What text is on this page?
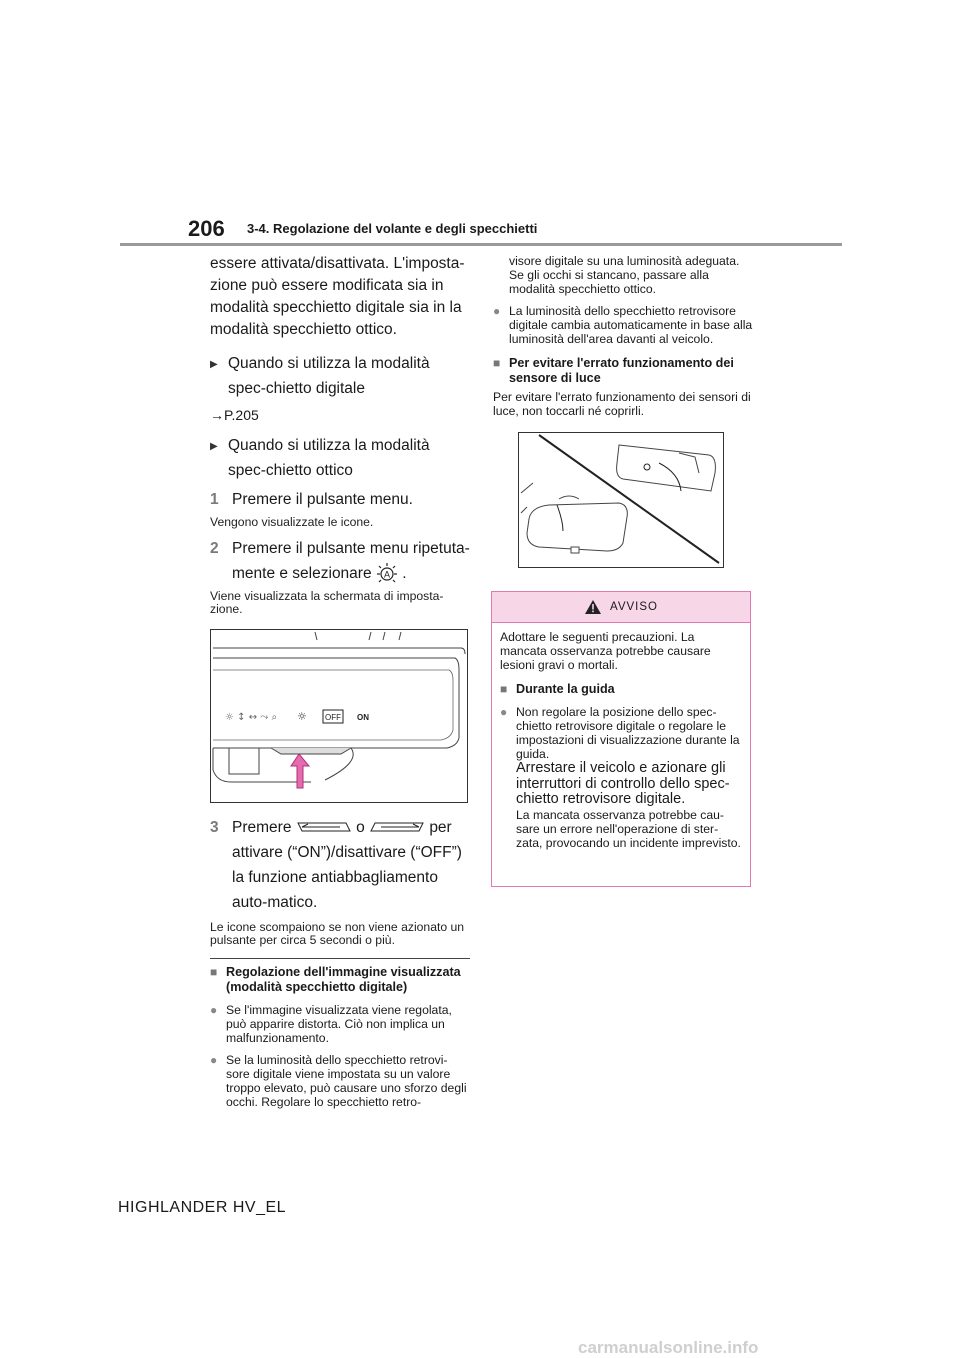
206 3-4. Regolazione del volante e degli specchietti

essere attivata/disattivata. L'imposta-zione può essere modificata sia in modalità specchietto digitale sia in la modalità specchietto ottico.

▶ Quando si utilizza la modalità spec-chietto digitale

→P.205

▶ Quando si utilizza la modalità spec-chietto ottico
1 Premere il pulsante menu.

Vengono visualizzate le icone.

2 Premere il pulsante menu ripetuta-mente e selezionare A .

Viene visualizzata la schermata di imposta-zione.

☼ ↕ ↔ ⤳ ⌕ ☼ OFF ON
3 Premere	o	per attivare (“ON”)/disattivare (“OFF”) la funzione antiabbagliamento auto-matico.

Le icone scompaiono se non viene azionato un pulsante per circa 5 secondi o più.

■ Regolazione dell'immagine visualizzata (modalità specchietto digitale)
● Se l'immagine visualizzata viene regolata, può apparire distorta. Ciò non implica un malfunzionamento.
● Se la luminosità dello specchietto retrovi-sore digitale viene impostata su un valore troppo elevato, può causare uno sforzo degli occhi. Regolare lo specchietto retro-

visore digitale su una luminosità adeguata. Se gli occhi si stancano, passare alla modalità specchietto ottico.

● La luminosità dello specchietto retrovisore digitale cambia automaticamente in base alla luminosità dell'area davanti al veicolo.
■ Per evitare l'errato funzionamento dei sensore di luce

Per evitare l'errato funzionamento dei sensori di luce, non toccarli né coprirli.

AVVISO

Adottare le seguenti precauzioni. La mancata osservanza potrebbe causare lesioni gravi o mortali.

■ Durante la guida
● Non regolare la posizione dello spec-chietto retrovisore digitale o regolare le impostazioni di visualizzazione durante la guida.
Arrestare il veicolo e azionare gli interruttori di controllo dello spec-chietto retrovisore digitale.
La mancata osservanza potrebbe cau-sare un errore nell'operazione di ster-zata, provocando un incidente imprevisto.
HIGHLANDER HV_EL
carmanualsonline.info
